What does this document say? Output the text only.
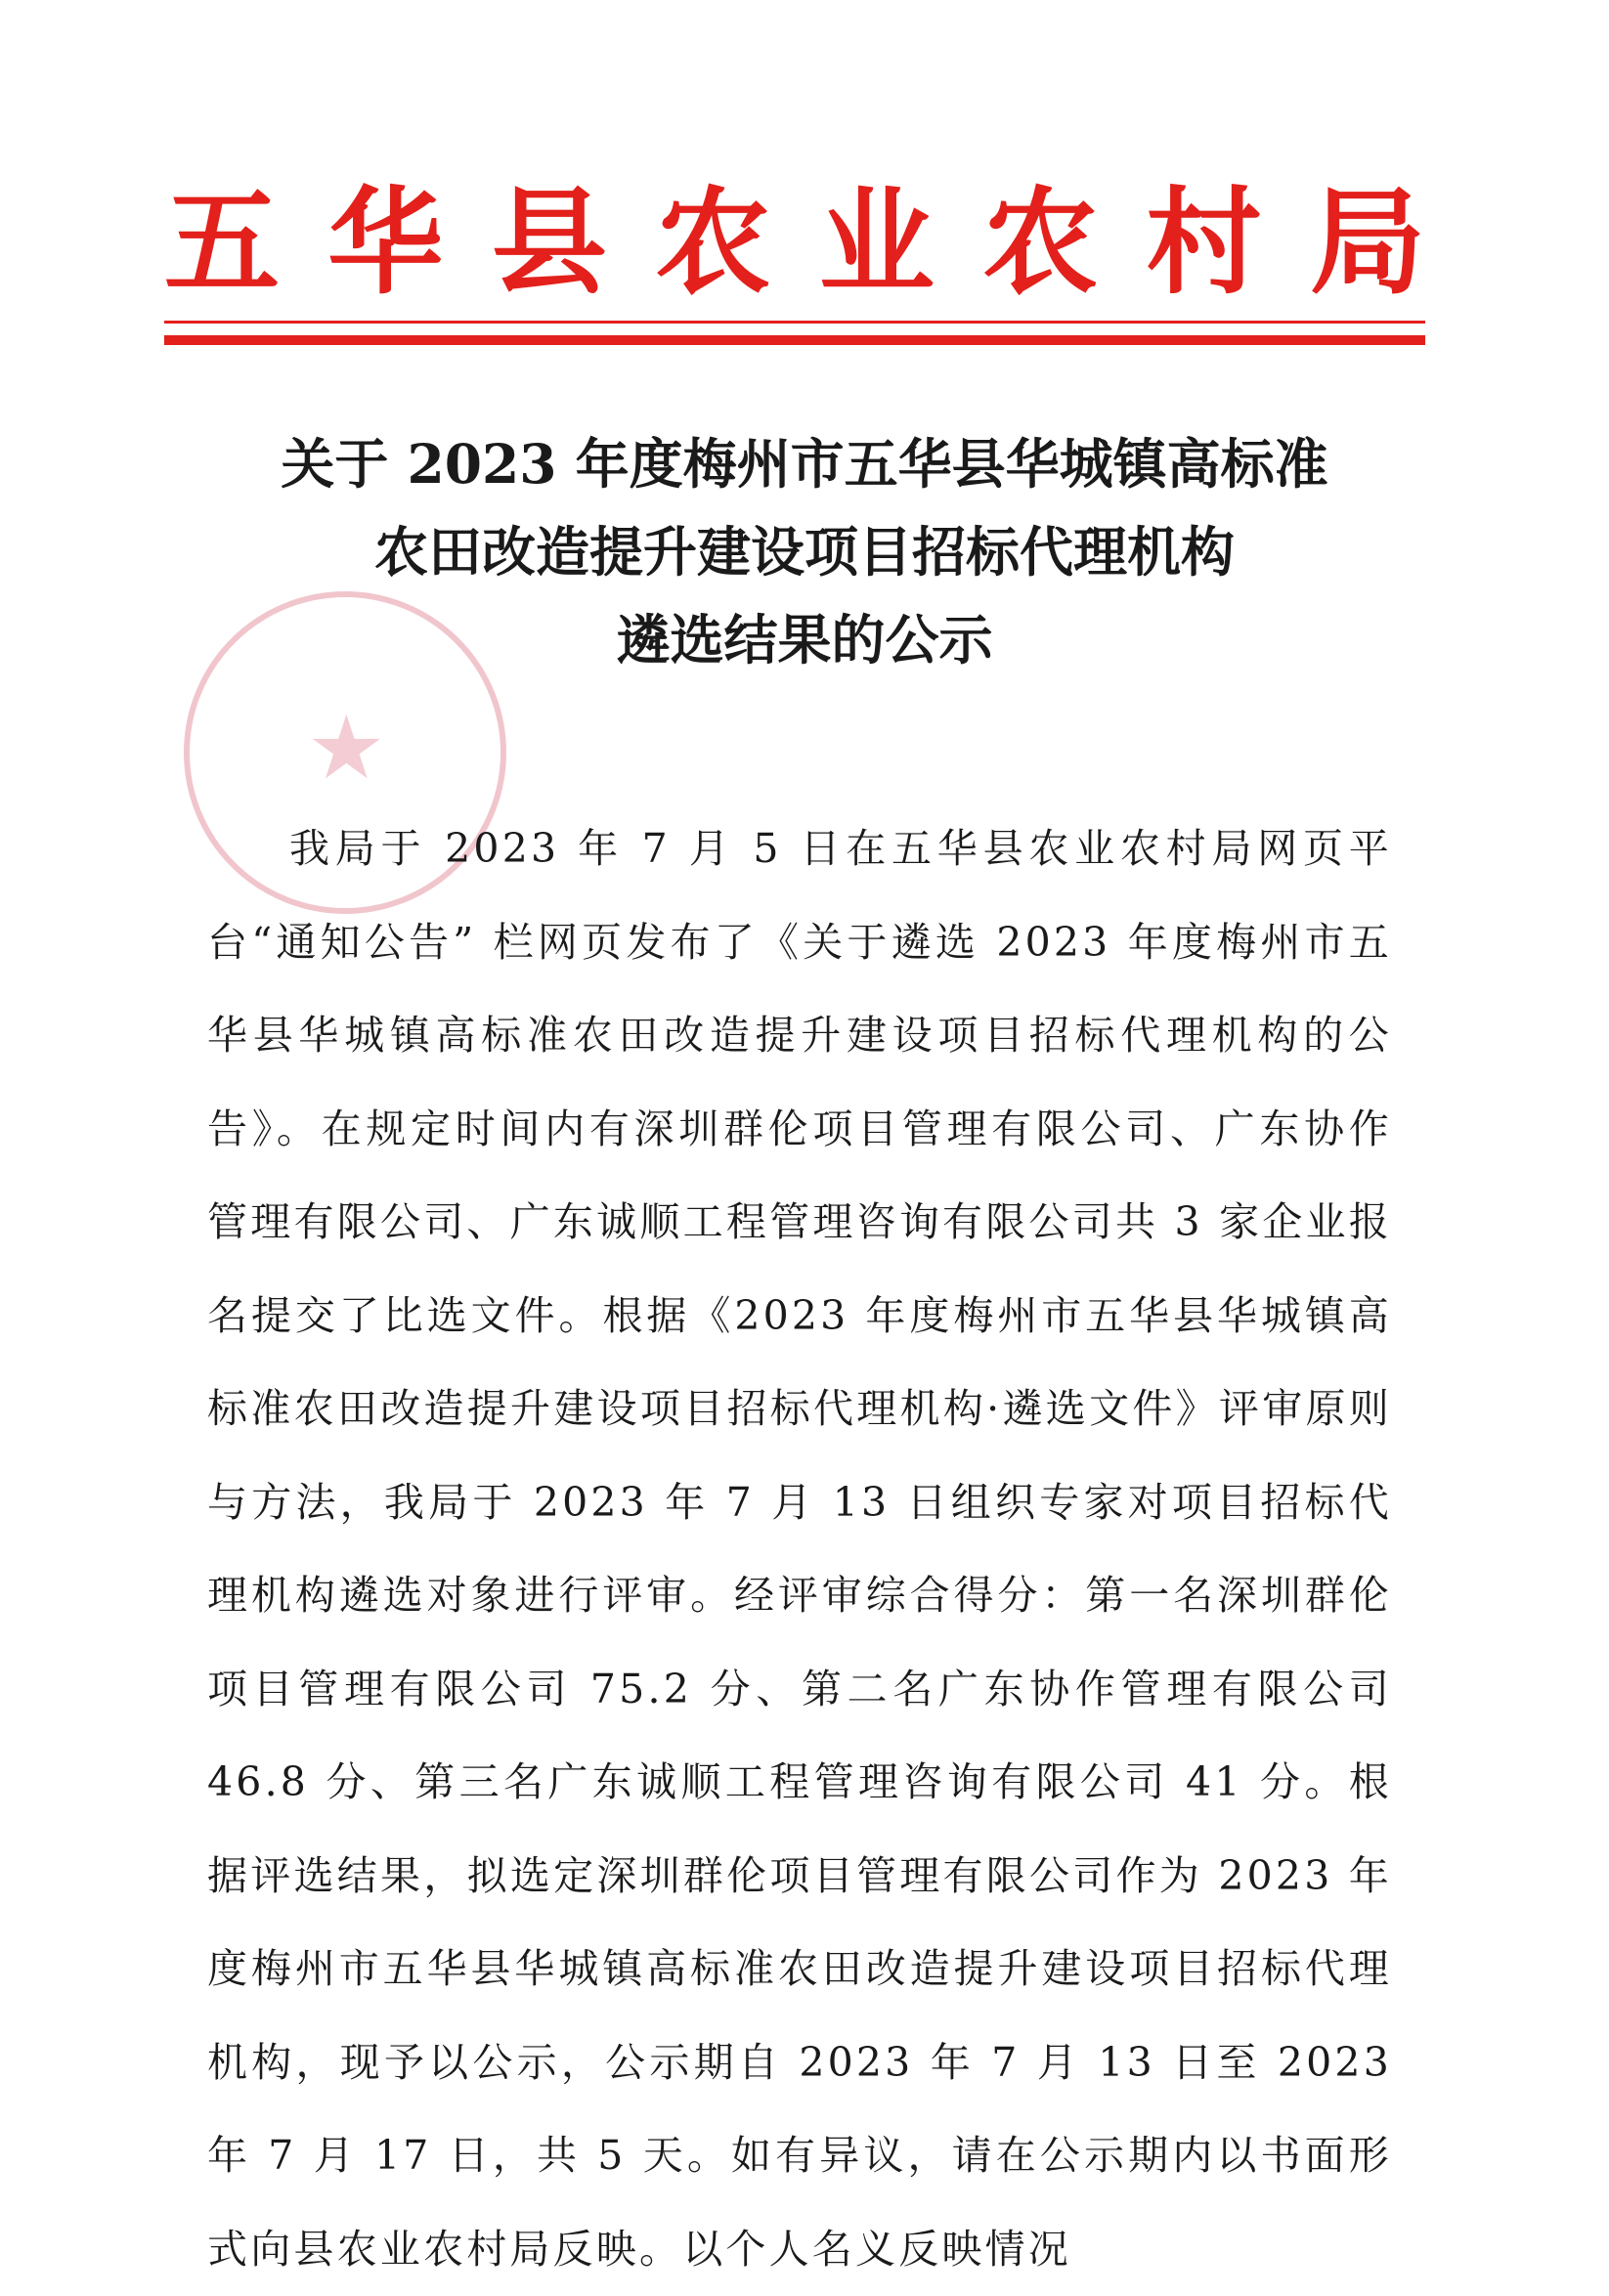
五 华 县 农 业 农 村 局
★
关于 2023 年度梅州市五华县华城镇高标准
农田改造提升建设项目招标代理机构
遴选结果的公示

我局于 2023 年 7 月 5 日在五华县农业农村局网页平台“通知公告” 栏网页发布了《关于遴选 2023 年度梅州市五华县华城镇高标准农田改造提升建设项目招标代理机构的公告》。在规定时间内有深圳群伦项目管理有限公司、广东协作管理有限公司、广东诚顺工程管理咨询有限公司共 3 家企业报名提交了比选文件。根据《2023 年度梅州市五华县华城镇高标准农田改造提升建设项目招标代理机构·遴选文件》评审原则与方法，我局于 2023 年 7 月 13 日组织专家对项目招标代理机构遴选对象进行评审。经评审综合得分：第一名深圳群伦项目管理有限公司 75.2 分、第二名广东协作管理有限公司 46.8 分、第三名广东诚顺工程管理咨询有限公司 41 分。根据评选结果，拟选定深圳群伦项目管理有限公司作为 2023 年度梅州市五华县华城镇高标准农田改造提升建设项目招标代理机构，现予以公示，公示期自 2023 年 7 月 13 日至 2023 年 7 月 17 日，共 5 天。如有异议，请在公示期内以书面形式向县农业农村局反映。以个人名义反映情况
